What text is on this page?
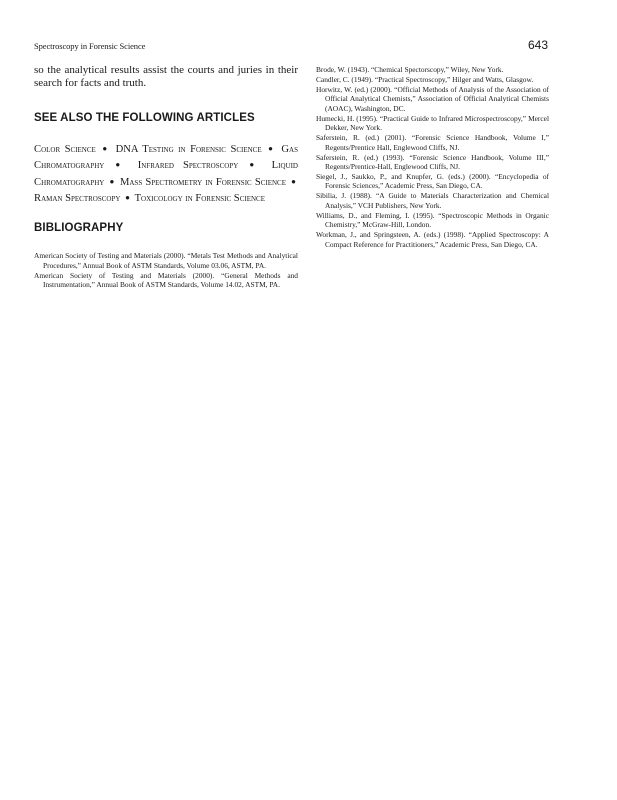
Spectroscopy in Forensic Science	643

so the analytical results assist the courts and juries in their search for facts and truth.

SEE ALSO THE FOLLOWING ARTICLES

Color Science ● DNA Testing in Forensic Science ● Gas Chromatography ● Infrared Spectroscopy ● Liquid Chromatography ● Mass Spectrometry in Forensic Science ● Raman Spectroscopy ● Toxicology in Forensic Science

BIBLIOGRAPHY
American Society of Testing and Materials (2000). “Metals Test Methods and Analytical Procedures,” Annual Book of ASTM Standards, Volume 03.06, ASTM, PA.
American Society of Testing and Materials (2000). “General Methods and Instrumentation,” Annual Book of ASTM Standards, Volume 14.02, ASTM, PA.
Brode, W. (1943). “Chemical Spectorscopy,” Wiley, New York.
Candler, C. (1949). “Practical Spectroscopy,” Hilger and Watts, Glasgow.
Horwitz, W. (ed.) (2000). “Official Methods of Analysis of the Association of Official Analytical Chemists,” Association of Official Analytical Chemists (AOAC), Washington, DC.
Humecki, H. (1995). “Practical Guide to Infrared Microspectroscopy,” Mercel Dekker, New York.
Saferstein, R. (ed.) (2001). “Forensic Science Handbook, Volume I,” Regents/Prentice Hall, Englewood Cliffs, NJ.
Saferstein, R. (ed.) (1993). “Forensic Science Handbook, Volume III,” Regents/Prentice-Hall, Englewood Cliffs, NJ.
Siegel, J., Saukko, P., and Knupfer, G. (eds.) (2000). “Encyclopedia of Forensic Sciences,” Academic Press, San Diego, CA.
Sibilia, J. (1988). “A Guide to Materials Characterization and Chemical Analysis,” VCH Publishers, New York.
Williams, D., and Fleming, I. (1995). “Spectroscopic Methods in Organic Chemistry,” McGraw-Hill, London.
Workman, J., and Springsteen, A. (eds.) (1998). “Applied Spectroscopy: A Compact Reference for Practitioners,” Academic Press, San Diego, CA.
